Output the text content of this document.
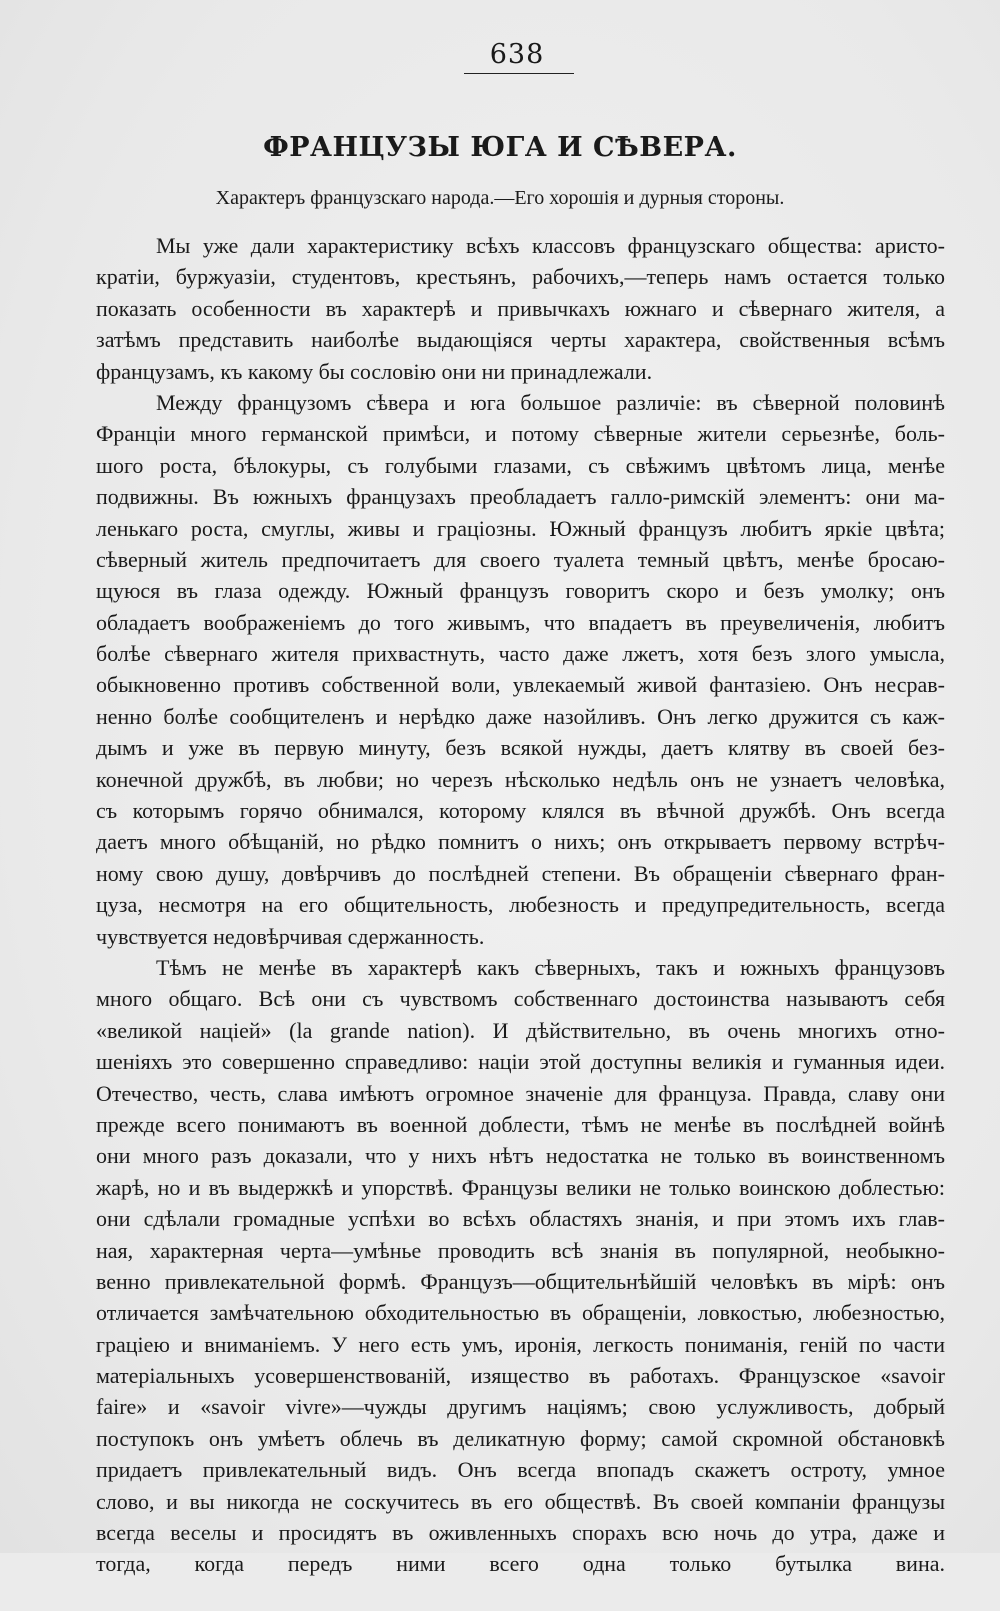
638
ФРАНЦУЗЫ ЮГА И СѢВЕРА.
Характеръ французскаго народа.—Его хорошія и дурныя стороны.
Мы уже дали характеристику всѣхъ классовъ французскаго общества: аристо-
кратіи, буржуазіи, студентовъ, крестьянъ, рабочихъ,—теперь намъ остается только
показать особенности въ характерѣ и привычкахъ южнаго и сѣвернаго жителя, а
затѣмъ представить наиболѣе выдающіяся черты характера, свойственныя всѣмъ
французамъ, къ какому бы сословію они ни принадлежали.
Между французомъ сѣвера и юга большое различіе: въ сѣверной половинѣ
Франціи много германской примѣси, и потому сѣверные жители серьезнѣе, боль-
шого роста, бѣлокуры, съ голубыми глазами, съ свѣжимъ цвѣтомъ лица, менѣе
подвижны. Въ южныхъ французахъ преобладаетъ галло-римскій элементъ: они ма-
ленькаго роста, смуглы, живы и граціозны. Южный французъ любитъ яркіе цвѣта;
сѣверный житель предпочитаетъ для своего туалета темный цвѣтъ, менѣе бросаю-
щуюся въ глаза одежду. Южный французъ говоритъ скоро и безъ умолку; онъ
обладаетъ воображеніемъ до того живымъ, что впадаетъ въ преувеличенія, любитъ
болѣе сѣвернаго жителя прихвастнуть, часто даже лжетъ, хотя безъ злого умысла,
обыкновенно противъ собственной воли, увлекаемый живой фантазіею. Онъ несрав-
ненно болѣе сообщителенъ и нерѣдко даже назойливъ. Онъ легко дружится съ каж-
дымъ и уже въ первую минуту, безъ всякой нужды, даетъ клятву въ своей без-
конечной дружбѣ, въ любви; но черезъ нѣсколько недѣль онъ не узнаетъ человѣка,
съ которымъ горячо обнимался, которому клялся въ вѣчной дружбѣ. Онъ всегда
даетъ много обѣщаній, но рѣдко помнитъ о нихъ; онъ открываетъ первому встрѣч-
ному свою душу, довѣрчивъ до послѣдней степени. Въ обращеніи сѣвернаго фран-
цуза, несмотря на его общительность, любезность и предупредительность, всегда
чувствуется недовѣрчивая сдержанность.
Тѣмъ не менѣе въ характерѣ какъ сѣверныхъ, такъ и южныхъ французовъ
много общаго. Всѣ они съ чувствомъ собственнаго достоинства называютъ себя
«великой націей» (la grande nation). И дѣйствительно, въ очень многихъ отно-
шеніяхъ это совершенно справедливо: націи этой доступны великія и гуманныя идеи.
Отечество, честь, слава имѣютъ огромное значеніе для француза. Правда, славу они
прежде всего понимаютъ въ военной доблести, тѣмъ не менѣе въ послѣдней войнѣ
они много разъ доказали, что у нихъ нѣтъ недостатка не только въ воинственномъ
жарѣ, но и въ выдержкѣ и упорствѣ. Французы велики не только воинскою доблестью:
они сдѣлали громадные успѣхи во всѣхъ областяхъ знанія, и при этомъ ихъ глав-
ная, характерная черта—умѣнье проводить всѣ знанія въ популярной, необыкно-
венно привлекательной формѣ. Французъ—общительнѣйшій человѣкъ въ мірѣ: онъ
отличается замѣчательною обходительностью въ обращеніи, ловкостью, любезностью,
граціею и вниманіемъ. У него есть умъ, иронія, легкость пониманія, геній по части
матеріальныхъ усовершенствованій, изящество въ работахъ. Французское «savoir
faire» и «savoir vivre»—чужды другимъ націямъ; свою услужливость, добрый
поступокъ онъ умѣетъ облечь въ деликатную форму; самой скромной обстановкѣ
придаетъ привлекательный видъ. Онъ всегда впопадъ скажетъ остроту, умное
слово, и вы никогда не соскучитесь въ его обществѣ. Въ своей компаніи французы
всегда веселы и просидятъ въ оживленныхъ спорахъ всю ночь до утра, даже и
тогда, когда передъ ними всего одна только бутылка вина.
